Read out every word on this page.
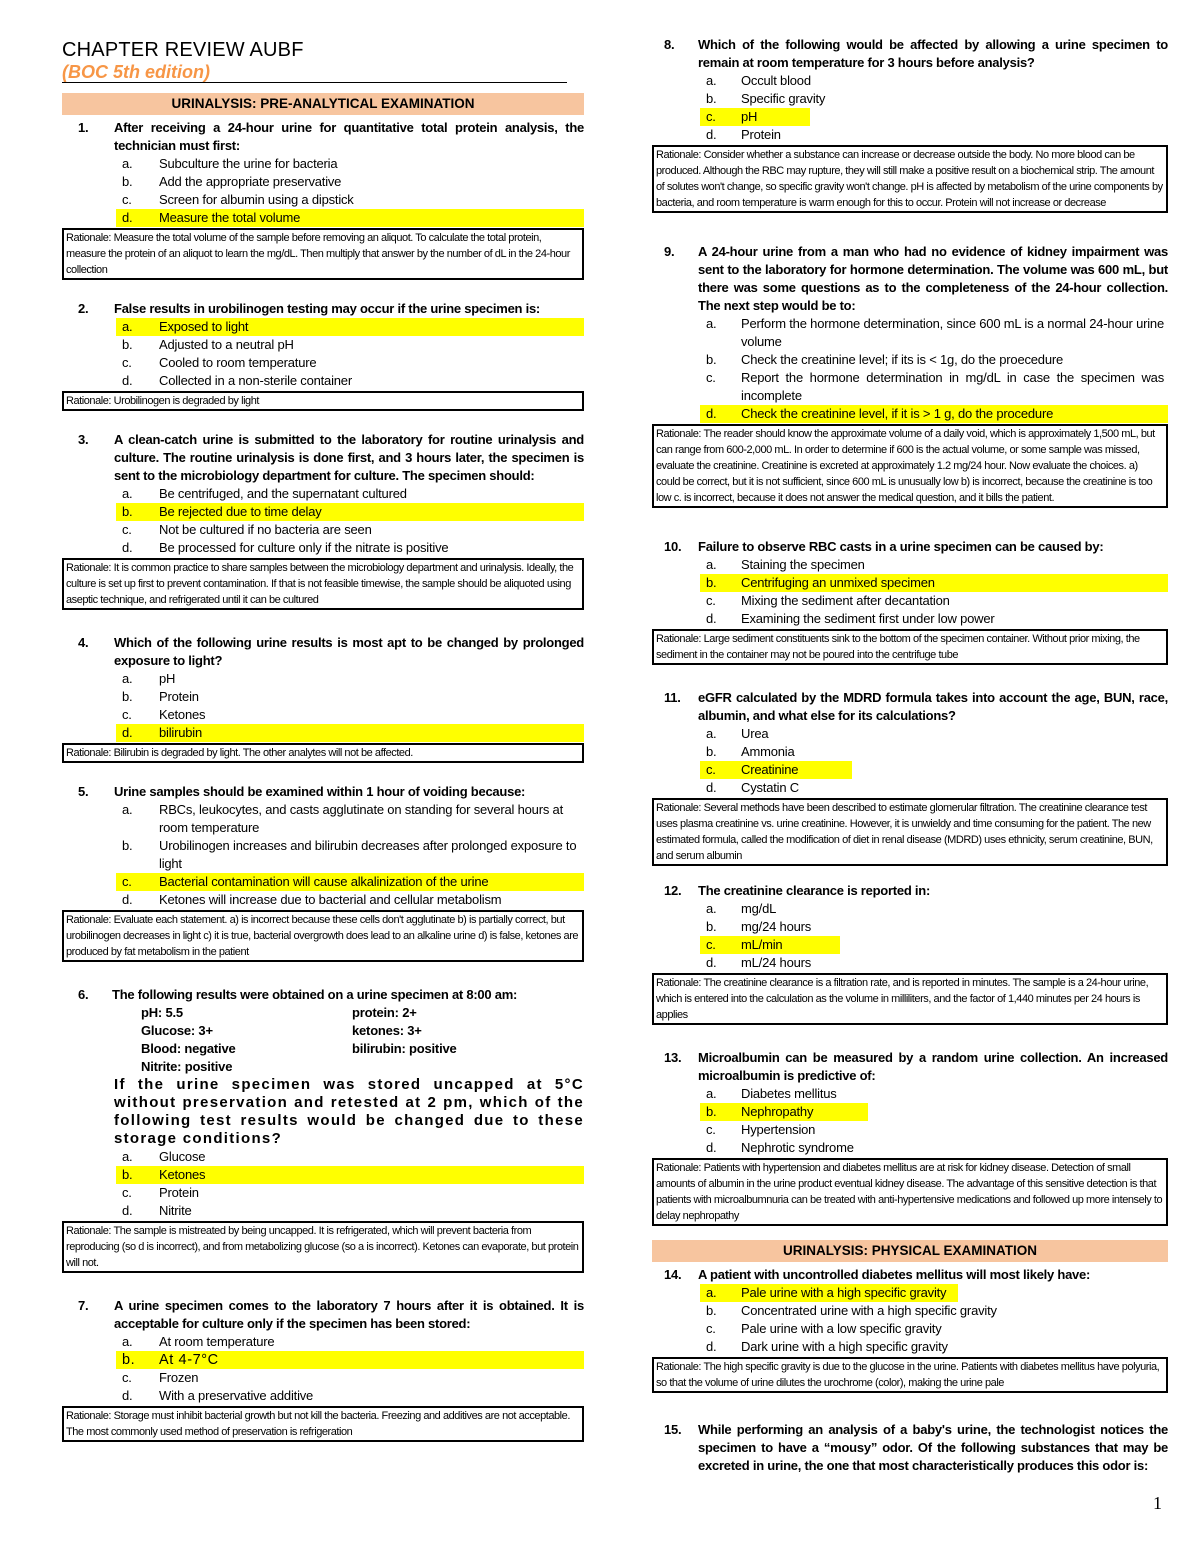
CHAPTER REVIEW AUBF
(BOC 5th edition)
URINALYSIS: PRE-ANALYTICAL EXAMINATION
1. After receiving a 24-hour urine for quantitative total protein analysis, the technician must first:
a. Subculture the urine for bacteria
b. Add the appropriate preservative
c. Screen for albumin using a dipstick
d. Measure the total volume
Rationale: Measure the total volume of the sample before removing an aliquot. To calculate the total protein, measure the protein of an aliquot to learn the mg/dL. Then multiply that answer by the number of dL in the 24-hour collection
2. False results in urobilinogen testing may occur if the urine specimen is:
a. Exposed to light
b. Adjusted to a neutral pH
c. Cooled to room temperature
d. Collected in a non-sterile container
Rationale: Urobilinogen is degraded by light
3. A clean-catch urine is submitted to the laboratory for routine urinalysis and culture. The routine urinalysis is done first, and 3 hours later, the specimen is sent to the microbiology department for culture. The specimen should:
a. Be centrifuged, and the supernatant cultured
b. Be rejected due to time delay
c. Not be cultured if no bacteria are seen
d. Be processed for culture only if the nitrate is positive
Rationale: It is common practice to share samples between the microbiology department and urinalysis. Ideally, the culture is set up first to prevent contamination. If that is not feasible timewise, the sample should be aliquoted using aseptic technique, and refrigerated until it can be cultured
4. Which of the following urine results is most apt to be changed by prolonged exposure to light?
a. pH
b. Protein
c. Ketones
d. bilirubin
Rationale: Bilirubin is degraded by light. The other analytes will not be affected.
5. Urine samples should be examined within 1 hour of voiding because:
a. RBCs, leukocytes, and casts agglutinate on standing for several hours at room temperature
b. Urobilinogen increases and bilirubin decreases after prolonged exposure to light
c. Bacterial contamination will cause alkalinization of the urine
d. Ketones will increase due to bacterial and cellular metabolism
Rationale: Evaluate each statement. a) is incorrect because these cells don't agglutinate b) is partially correct, but urobilinogen decreases in light c) it is true, bacterial overgrowth does lead to an alkaline urine d) is false, ketones are produced by fat metabolism in the patient
6. The following results were obtained on a urine specimen at 8:00 am:
pH: 5.5	protein: 2+
Glucose: 3+	ketones: 3+
Blood: negative	bilirubin: positive
Nitrite: positive
If the urine specimen was stored uncapped at 5°C without preservation and retested at 2 pm, which of the following test results would be changed due to these storage conditions?
a. Glucose
b. Ketones
c. Protein
d. Nitrite
Rationale: The sample is mistreated by being uncapped. It is refrigerated, which will prevent bacteria from reproducing (so d is incorrect), and from metabolizing glucose (so a is incorrect). Ketones can evaporate, but protein will not.
7. A urine specimen comes to the laboratory 7 hours after it is obtained. It is acceptable for culture only if the specimen has been stored:
a. At room temperature
b. At 4-7°C
c. Frozen
d. With a preservative additive
Rationale: Storage must inhibit bacterial growth but not kill the bacteria. Freezing and additives are not acceptable. The most commonly used method of preservation is refrigeration
8. Which of the following would be affected by allowing a urine specimen to remain at room temperature for 3 hours before analysis?
a. Occult blood
b. Specific gravity
c. pH
d. Protein
Rationale: Consider whether a substance can increase or decrease outside the body. No more blood can be produced. Although the RBC may rupture, they will still make a positive result on a biochemical strip. The amount of solutes won't change, so specific gravity won't change. pH is affected by metabolism of the urine components by bacteria, and room temperature is warm enough for this to occur. Protein will not increase or decrease
9. A 24-hour urine from a man who had no evidence of kidney impairment was sent to the laboratory for hormone determination. The volume was 600 mL, but there was some questions as to the completeness of the 24-hour collection. The next step would be to:
a. Perform the hormone determination, since 600 mL is a normal 24-hour urine volume
b. Check the creatinine level; if its is < 1g, do the proecedure
c. Report the hormone determination in mg/dL in case the specimen was incomplete
d. Check the creatinine level, if it is > 1 g, do the procedure
Rationale: The reader should know the approximate volume of a daily void, which is approximately 1,500 mL, but can range from 600-2,000 mL. In order to determine if 600 is the actual volume, or some sample was missed, evaluate the creatinine. Creatinine is excreted at approximately 1.2 mg/24 hour. Now evaluate the choices. a) could be correct, but it is not sufficient, since 600 mL is unusually low b) is incorrect, because the creatinine is too low c. is incorrect, because it does not answer the medical question, and it bills the patient.
10. Failure to observe RBC casts in a urine specimen can be caused by:
a. Staining the specimen
b. Centrifuging an unmixed specimen
c. Mixing the sediment after decantation
d. Examining the sediment first under low power
Rationale: Large sediment constituents sink to the bottom of the specimen container. Without prior mixing, the sediment in the container may not be poured into the centrifuge tube
11. eGFR calculated by the MDRD formula takes into account the age, BUN, race, albumin, and what else for its calculations?
a. Urea
b. Ammonia
c. Creatinine
d. Cystatin C
Rationale: Several methods have been described to estimate glomerular filtration. The creatinine clearance test uses plasma creatinine vs. urine creatinine. However, it is unwieldy and time consuming for the patient. The new estimated formula, called the modification of diet in renal disease (MDRD) uses ethnicity, serum creatinine, BUN, and serum albumin
12. The creatinine clearance is reported in:
a. mg/dL
b. mg/24 hours
c. mL/min
d. mL/24 hours
Rationale: The creatinine clearance is a filtration rate, and is reported in minutes. The sample is a 24-hour urine, which is entered into the calculation as the volume in milliliters, and the factor of 1,440 minutes per 24 hours is applies
13. Microalbumin can be measured by a random urine collection. An increased microalbumin is predictive of:
a. Diabetes mellitus
b. Nephropathy
c. Hypertension
d. Nephrotic syndrome
Rationale: Patients with hypertension and diabetes mellitus are at risk for kidney disease. Detection of small amounts of albumin in the urine product eventual kidney disease. The advantage of this sensitive detection is that patients with microalbumnuria can be treated with anti-hypertensive medications and followed up more intensely to delay nephropathy
URINALYSIS: PHYSICAL EXAMINATION
14. A patient with uncontrolled diabetes mellitus will most likely have:
a. Pale urine with a high specific gravity
b. Concentrated urine with a high specific gravity
c. Pale urine with a low specific gravity
d. Dark urine with a high specific gravity
Rationale: The high specific gravity is due to the glucose in the urine. Patients with diabetes mellitus have polyuria, so that the volume of urine dilutes the urochrome (color), making the urine pale
15. While performing an analysis of a baby's urine, the technologist notices the specimen to have a “mousy” odor. Of the following substances that may be excreted in urine, the one that most characteristically produces this odor is:
1
